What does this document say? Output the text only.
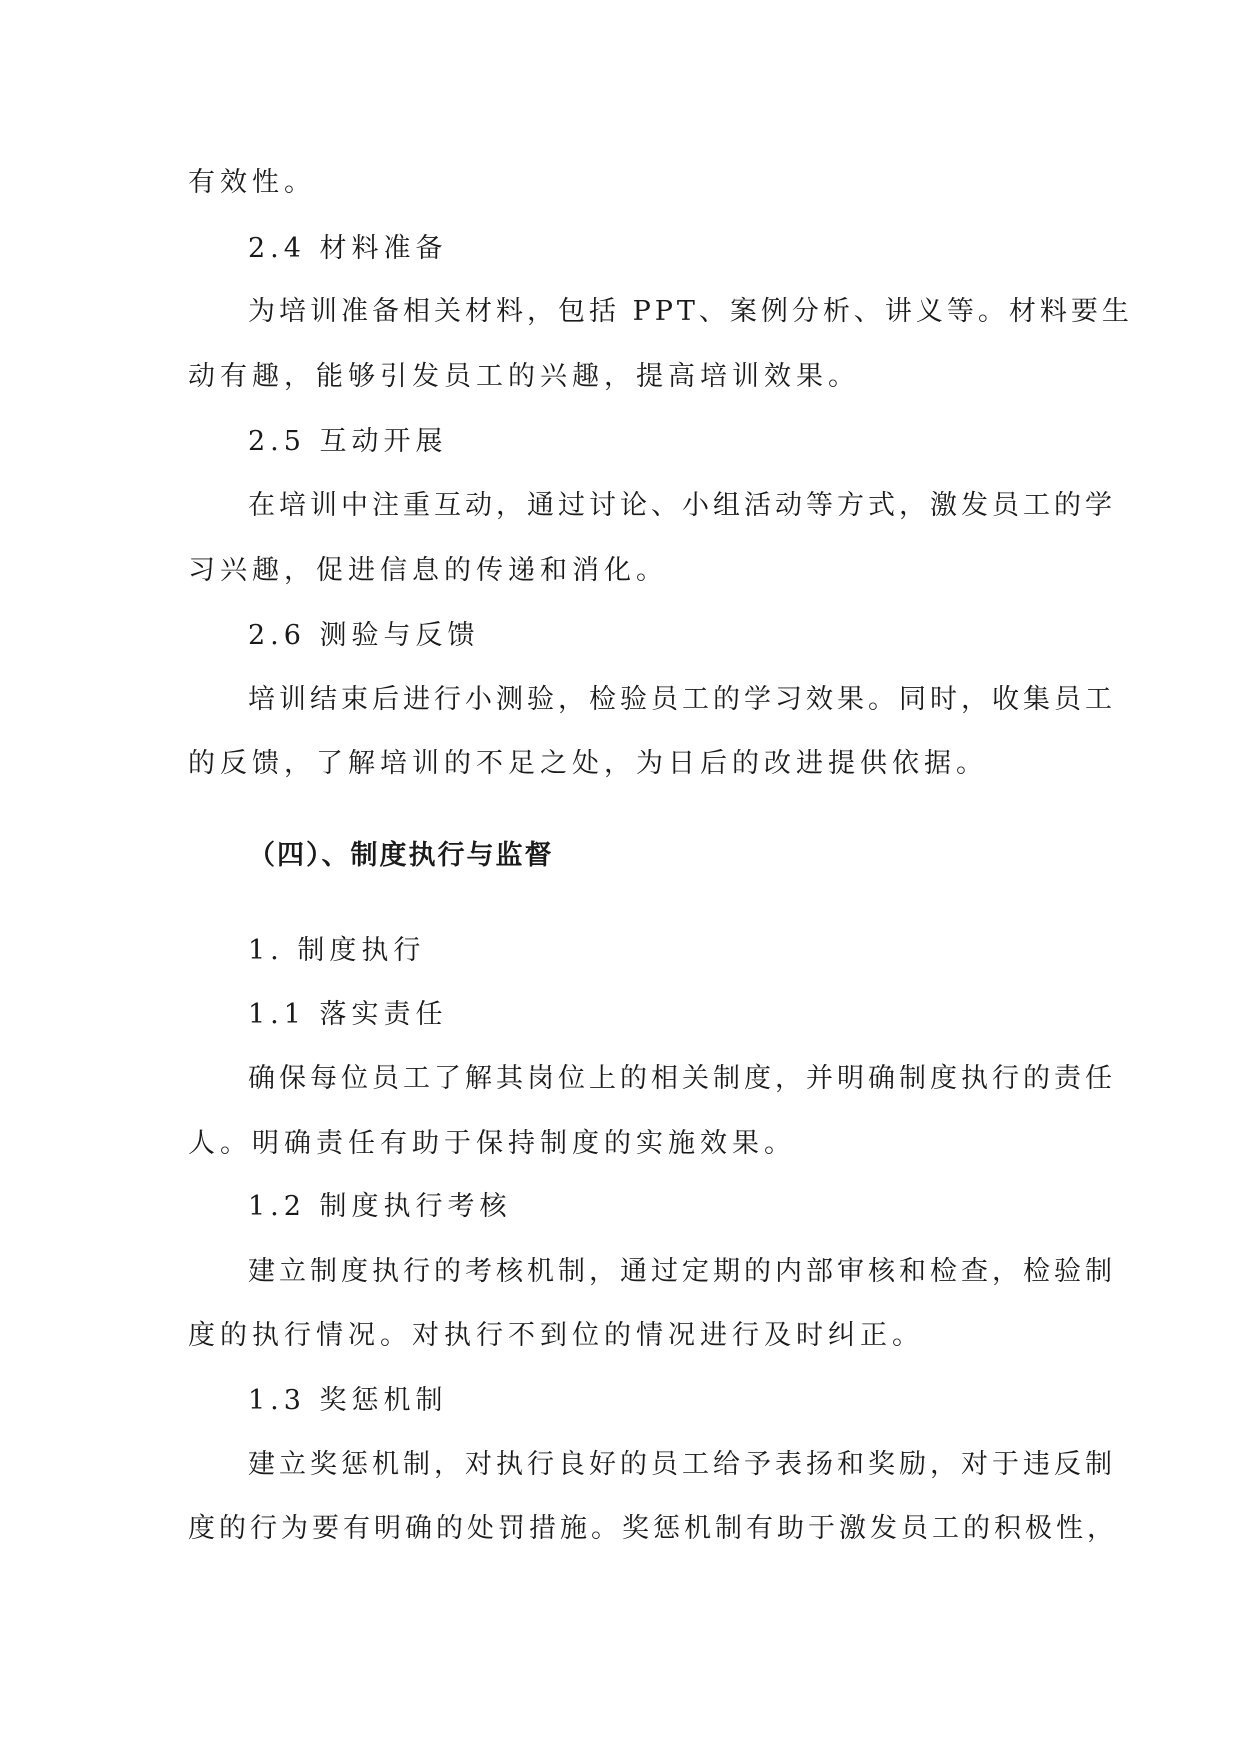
有效性。
2.4 材料准备
为培训准备相关材料，包括 PPT、案例分析、讲义等。材料要生
动有趣，能够引发员工的兴趣，提高培训效果。
2.5 互动开展
在培训中注重互动，通过讨论、小组活动等方式，激发员工的学
习兴趣，促进信息的传递和消化。
2.6 测验与反馈
培训结束后进行小测验，检验员工的学习效果。同时，收集员工
的反馈，了解培训的不足之处，为日后的改进提供依据。
（四）、制度执行与监督
1. 制度执行
1.1 落实责任
确保每位员工了解其岗位上的相关制度，并明确制度执行的责任
人。明确责任有助于保持制度的实施效果。
1.2 制度执行考核
建立制度执行的考核机制，通过定期的内部审核和检查，检验制
度的执行情况。对执行不到位的情况进行及时纠正。
1.3 奖惩机制
建立奖惩机制，对执行良好的员工给予表扬和奖励，对于违反制
度的行为要有明确的处罚措施。奖惩机制有助于激发员工的积极性，
